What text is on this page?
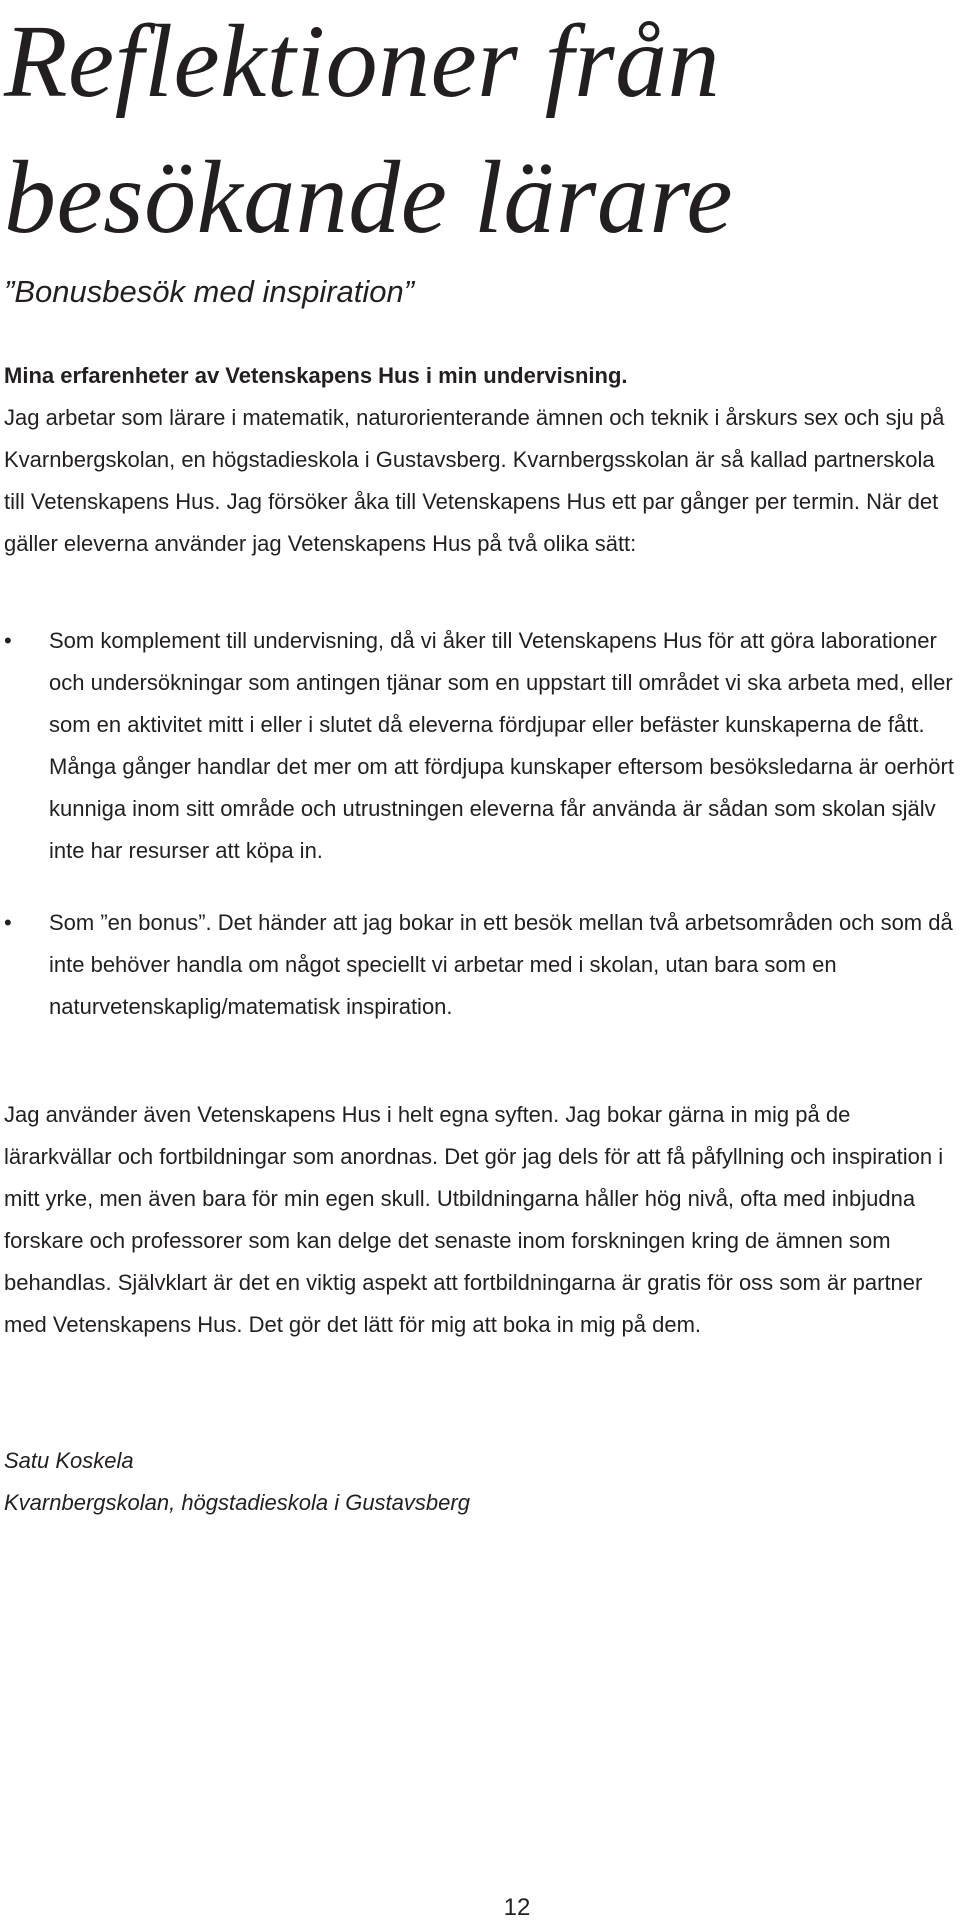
Reflektioner från besökande lärare

”Bonusbesök med inspiration”

Mina erfarenheter av Vetenskapens Hus i min undervisning.
Jag arbetar som lärare i matematik, naturorienterande ämnen och teknik i årskurs sex och sju på Kvarnbergskolan, en högstadieskola i Gustavsberg. Kvarnbergsskolan är så kallad partnerskola till Vetenskapens Hus. Jag försöker åka till Vetenskapens Hus ett par gånger per termin. När det gäller eleverna använder jag Vetenskapens Hus på två olika sätt:
• Som komplement till undervisning, då vi åker till Vetenskapens Hus för att göra laborationer och undersökningar som antingen tjänar som en uppstart till området vi ska arbeta med, eller som en aktivitet mitt i eller i slutet då eleverna fördjupar eller befäster kunskaperna de fått. Många gånger handlar det mer om att fördjupa kunskaper eftersom besöksledarna är oerhört kunniga inom sitt område och utrustningen eleverna får använda är sådan som skolan själv inte har resurser att köpa in.
• Som ”en bonus”. Det händer att jag bokar in ett besök mellan två arbetsområden och som då inte behöver handla om något speciellt vi arbetar med i skolan, utan bara som en naturvetenskaplig/matematisk inspiration.

Jag använder även Vetenskapens Hus i helt egna syften. Jag bokar gärna in mig på de lärarkvällar och fortbildningar som anordnas. Det gör jag dels för att få påfyllning och inspiration i mitt yrke, men även bara för min egen skull. Utbildningarna håller hög nivå, ofta med inbjudna forskare och professorer som kan delge det senaste inom forskningen kring de ämnen som behandlas. Självklart är det en viktig aspekt att fortbildningarna är gratis för oss som är partner med Vetenskapens Hus. Det gör det lätt för mig att boka in mig på dem.

Satu Koskela
Kvarnbergskolan, högstadieskola i Gustavsberg
12
